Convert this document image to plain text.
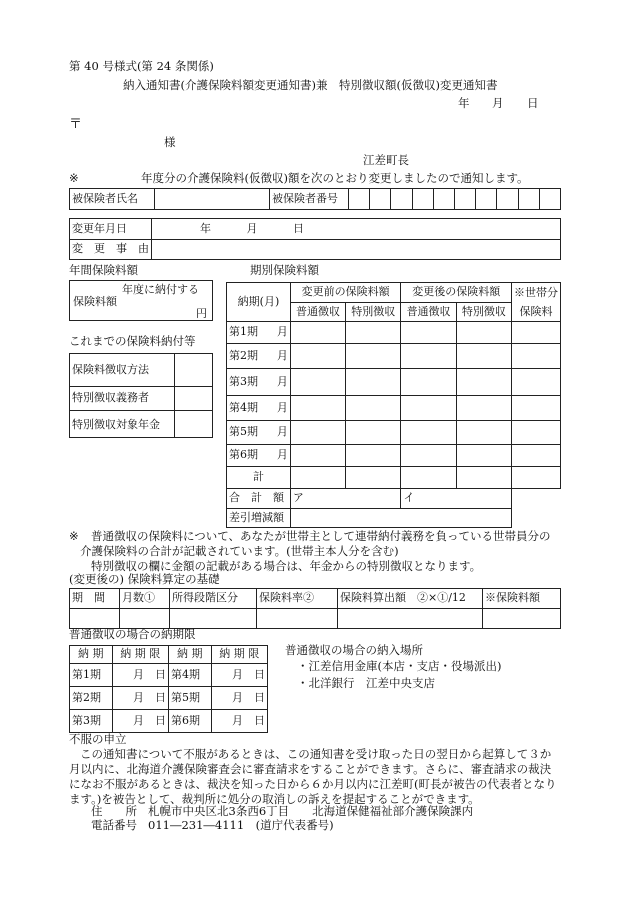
第 40 号様式(第 24 条関係)
納入通知書(介護保険料額変更通知書)兼　特別徴収額(仮徴収)変更通知書
年 月 日
〒
様
江差町長
※	年度分の介護保険料(仮徴収)額を次のとおり変更しましたので通知します。
被保険者氏名		被保険者番号										
変更年月日	年 月 日
変　更　事　由	
年間保険料額
年度に納付する
保険料額
円
これまでの保険料納付等
保険料徴収方法	
特別徴収義務者	
特別徴収対象年金	
期別保険料額
納期(月)	変更前の保険料額		変更後の保険料額		※世帯分
	普通徴収	特別徴収	普通徴収	特別徴収	保険料
第1期 月					

第2期 月					

第3期 月					

第4期 月					

第5期 月					

第6期 月					

計					
合　計　額	ア		イ		
差引増減額					
※ 普通徴収の保険料について、あなたが世帯主として連帯納付義務を負っている世帯員分の
介護保険料の合計が記載されています。(世帯主本人分を含む)
特別徴収の欄に金額の記載がある場合は、年金からの特別徴収となります。
(変更後の) 保険料算定の基礎
期　間	月数①	所得段階区分	保険料率②	保険料算出額　②×①/12	※保険料額

普通徴収の場合の納期限
納 期	納 期 限	納 期	納 期 限
第1期	月　 日	第4期	月　 日
第2期	月　 日	第5期	月　 日
第3期	月　 日	第6期	月　 日
普通徴収の場合の納入場所
・江差信用金庫(本店・支店・役場派出)
・北洋銀行　江差中央支店
不服の申立
この通知書について不服があるときは、この通知書を受け取った日の翌日から起算して３か
月以内に、北海道介護保険審査会に審査請求をすることができます。さらに、審査請求の裁決
になお不服があるときは、裁決を知った日から６か月以内に江差町(町長が被告の代表者となり
ます。)を被告として、裁判所に処分の取消しの訴えを提起することができます。
住　　所 札幌市中央区北3条西6丁目　　北海道保健福祉部介護保険課内
電話番号 011―231―4111　(道庁代表番号)
